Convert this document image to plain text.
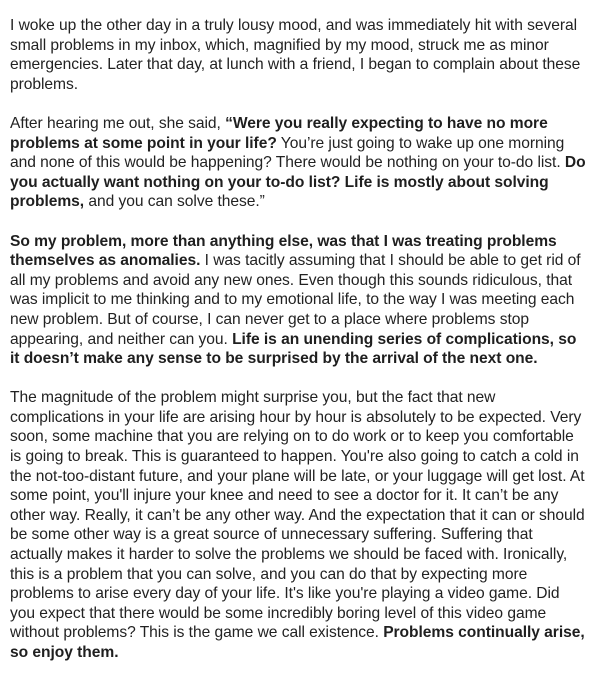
I woke up the other day in a truly lousy mood, and was immediately hit with several small problems in my inbox, which, magnified by my mood, struck me as minor emergencies. Later that day, at lunch with a friend, I began to complain about these problems.

After hearing me out, she said, “Were you really expecting to have no more problems at some point in your life? You’re just going to wake up one morning and none of this would be happening? There would be nothing on your to-do list. Do you actually want nothing on your to-do list? Life is mostly about solving problems, and you can solve these.”

So my problem, more than anything else, was that I was treating problems themselves as anomalies. I was tacitly assuming that I should be able to get rid of all my problems and avoid any new ones. Even though this sounds ridiculous, that was implicit to me thinking and to my emotional life, to the way I was meeting each new problem. But of course, I can never get to a place where problems stop appearing, and neither can you. Life is an unending series of complications, so it doesn’t make any sense to be surprised by the arrival of the next one.

The magnitude of the problem might surprise you, but the fact that new complications in your life are arising hour by hour is absolutely to be expected. Very soon, some machine that you are relying on to do work or to keep you comfortable is going to break. This is guaranteed to happen. You're also going to catch a cold in the not-too-distant future, and your plane will be late, or your luggage will get lost. At some point, you'll injure your knee and need to see a doctor for it. It can’t be any other way. Really, it can’t be any other way. And the expectation that it can or should be some other way is a great source of unnecessary suffering. Suffering that actually makes it harder to solve the problems we should be faced with. Ironically, this is a problem that you can solve, and you can do that by expecting more problems to arise every day of your life. It's like you're playing a video game. Did you expect that there would be some incredibly boring level of this video game without problems? This is the game we call existence. Problems continually arise, so enjoy them.
